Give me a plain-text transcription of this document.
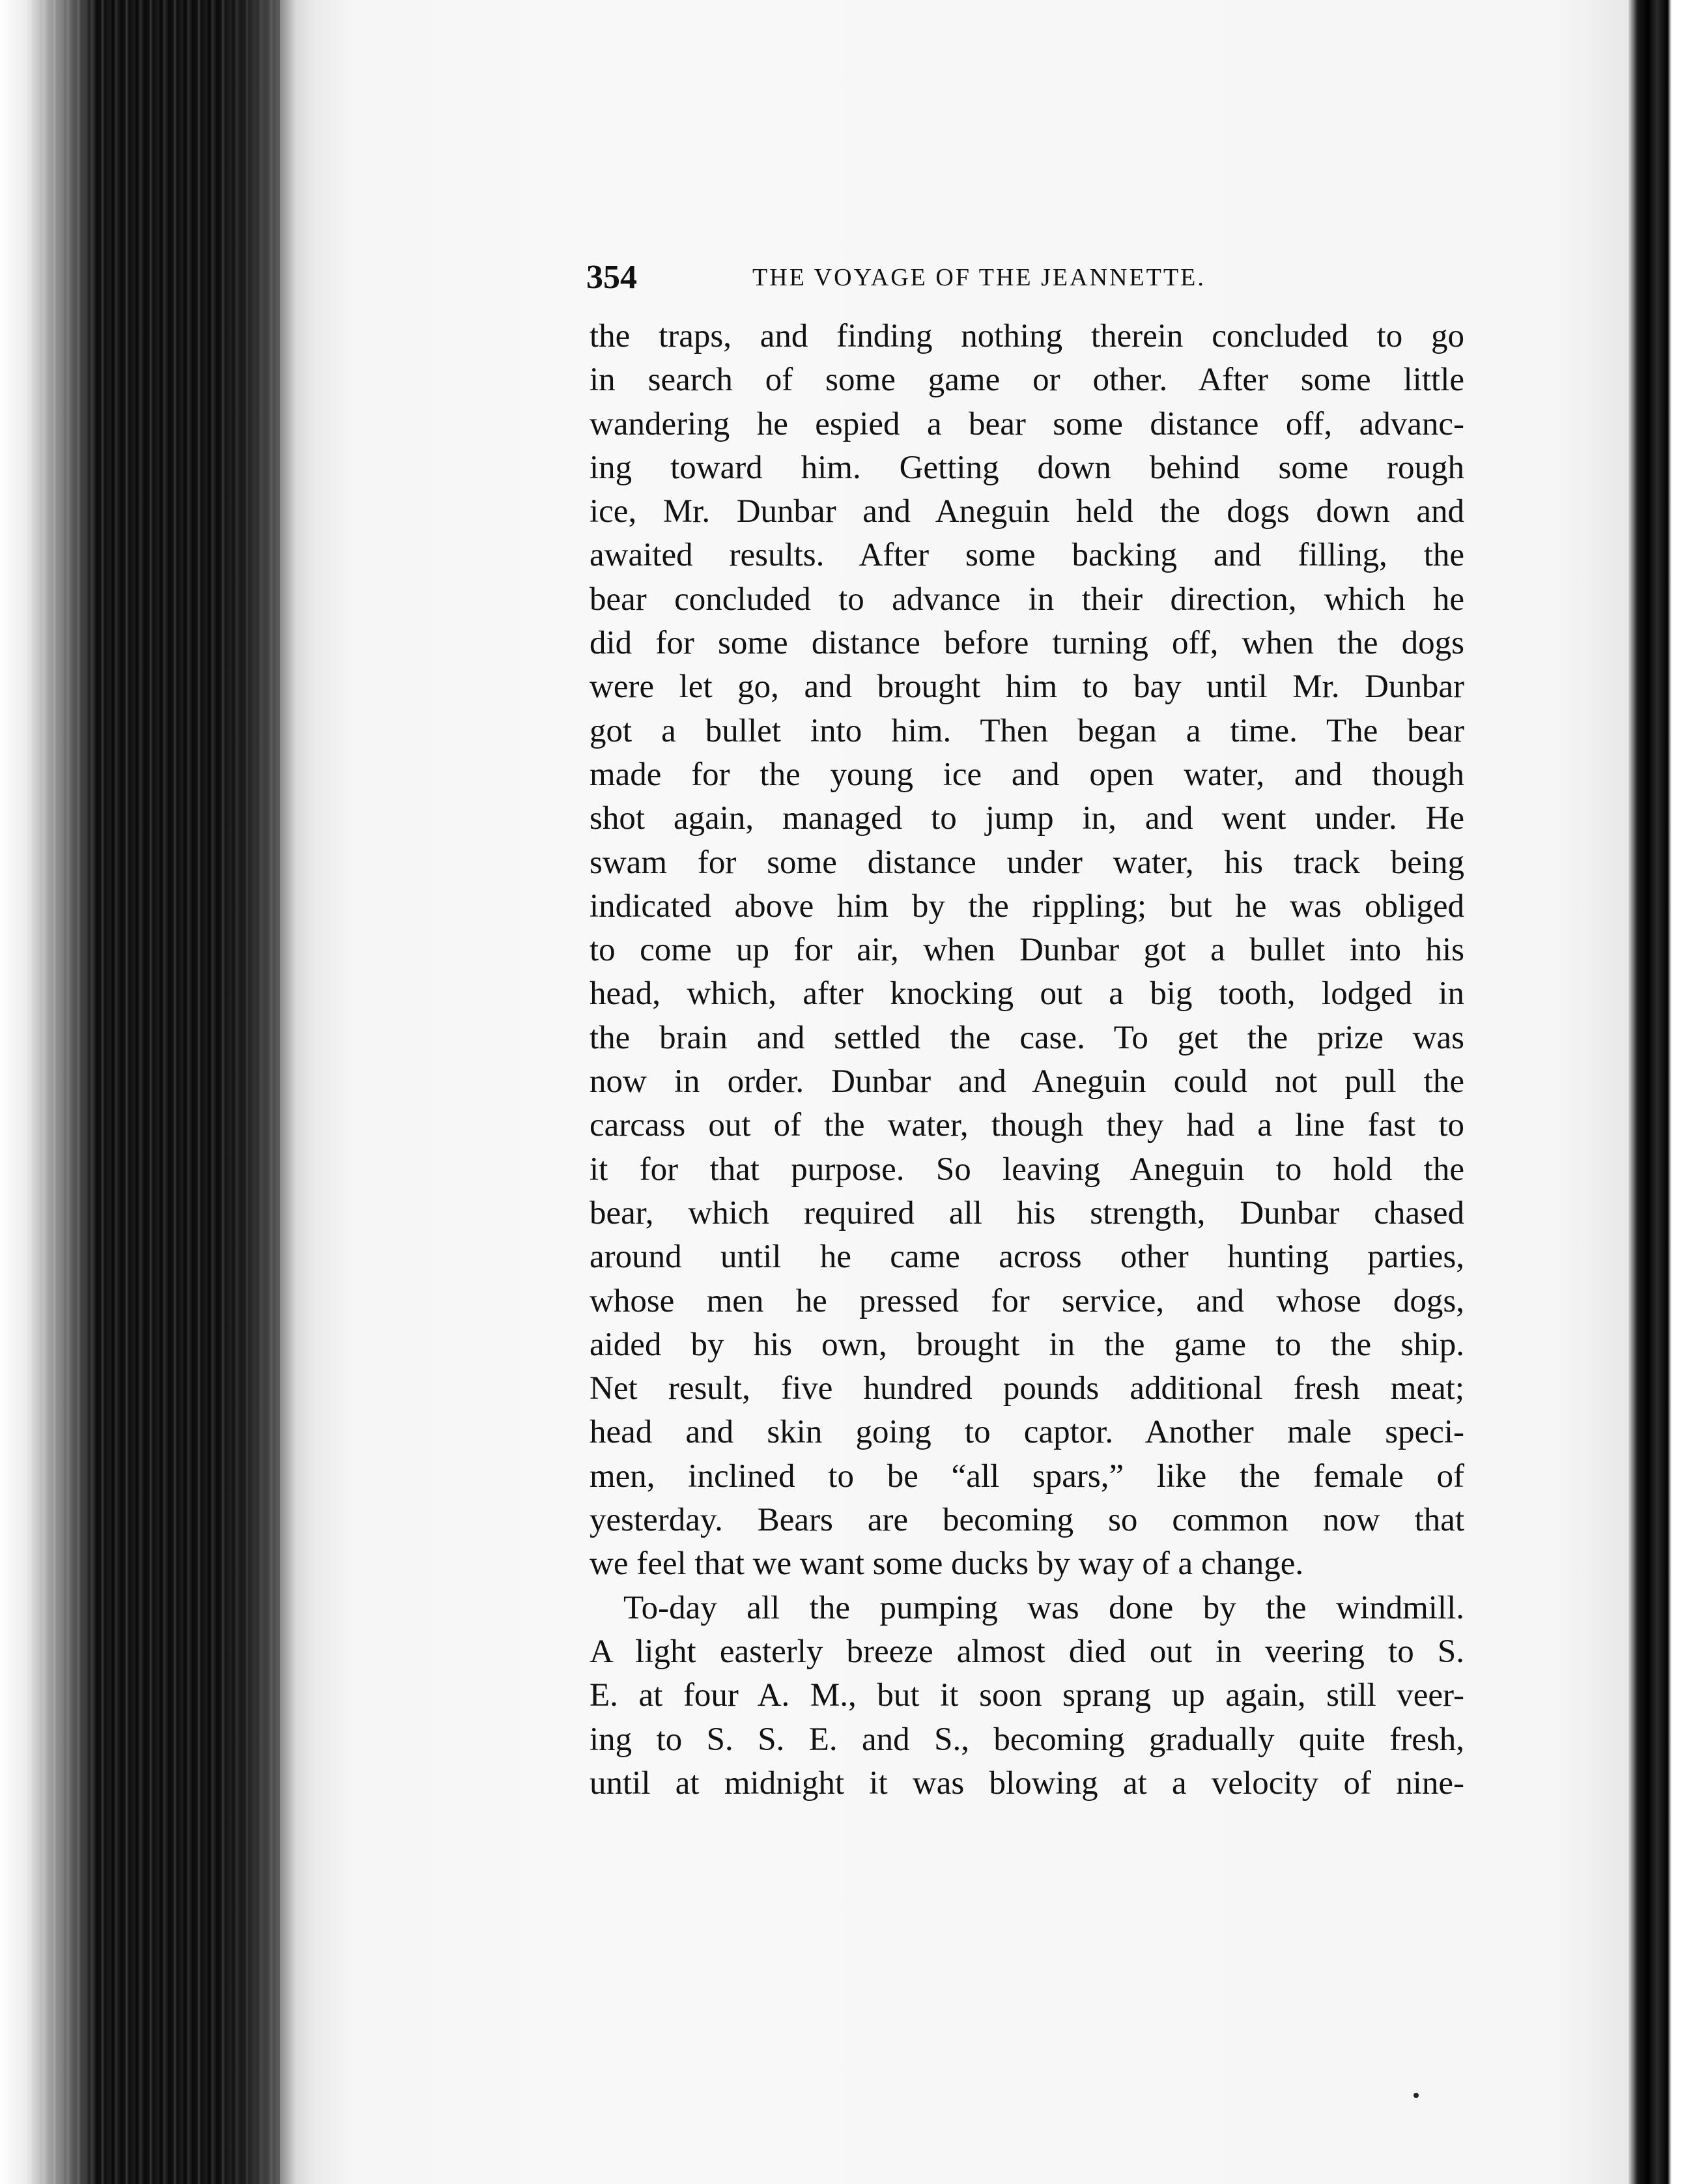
354	THE VOYAGE OF THE JEANNETTE.
the traps, and finding nothing therein concluded to go
in search of some game or other. After some little
wandering he espied a bear some distance off, advanc-
ing toward him. Getting down behind some rough
ice, Mr. Dunbar and Aneguin held the dogs down and
awaited results. After some backing and filling, the
bear concluded to advance in their direction, which he
did for some distance before turning off, when the dogs
were let go, and brought him to bay until Mr. Dunbar
got a bullet into him. Then began a time. The bear
made for the young ice and open water, and though
shot again, managed to jump in, and went under. He
swam for some distance under water, his track being
indicated above him by the rippling; but he was obliged
to come up for air, when Dunbar got a bullet into his
head, which, after knocking out a big tooth, lodged in
the brain and settled the case. To get the prize was
now in order. Dunbar and Aneguin could not pull the
carcass out of the water, though they had a line fast to
it for that purpose. So leaving Aneguin to hold the
bear, which required all his strength, Dunbar chased
around until he came across other hunting parties,
whose men he pressed for service, and whose dogs,
aided by his own, brought in the game to the ship.
Net result, five hundred pounds additional fresh meat;
head and skin going to captor. Another male speci-
men, inclined to be “all spars,” like the female of
yesterday. Bears are becoming so common now that
we feel that we want some ducks by way of a change.
To-day all the pumping was done by the windmill.
A light easterly breeze almost died out in veering to S.
E. at four A. M., but it soon sprang up again, still veer-
ing to S. S. E. and S., becoming gradually quite fresh,
until at midnight it was blowing at a velocity of nine-
